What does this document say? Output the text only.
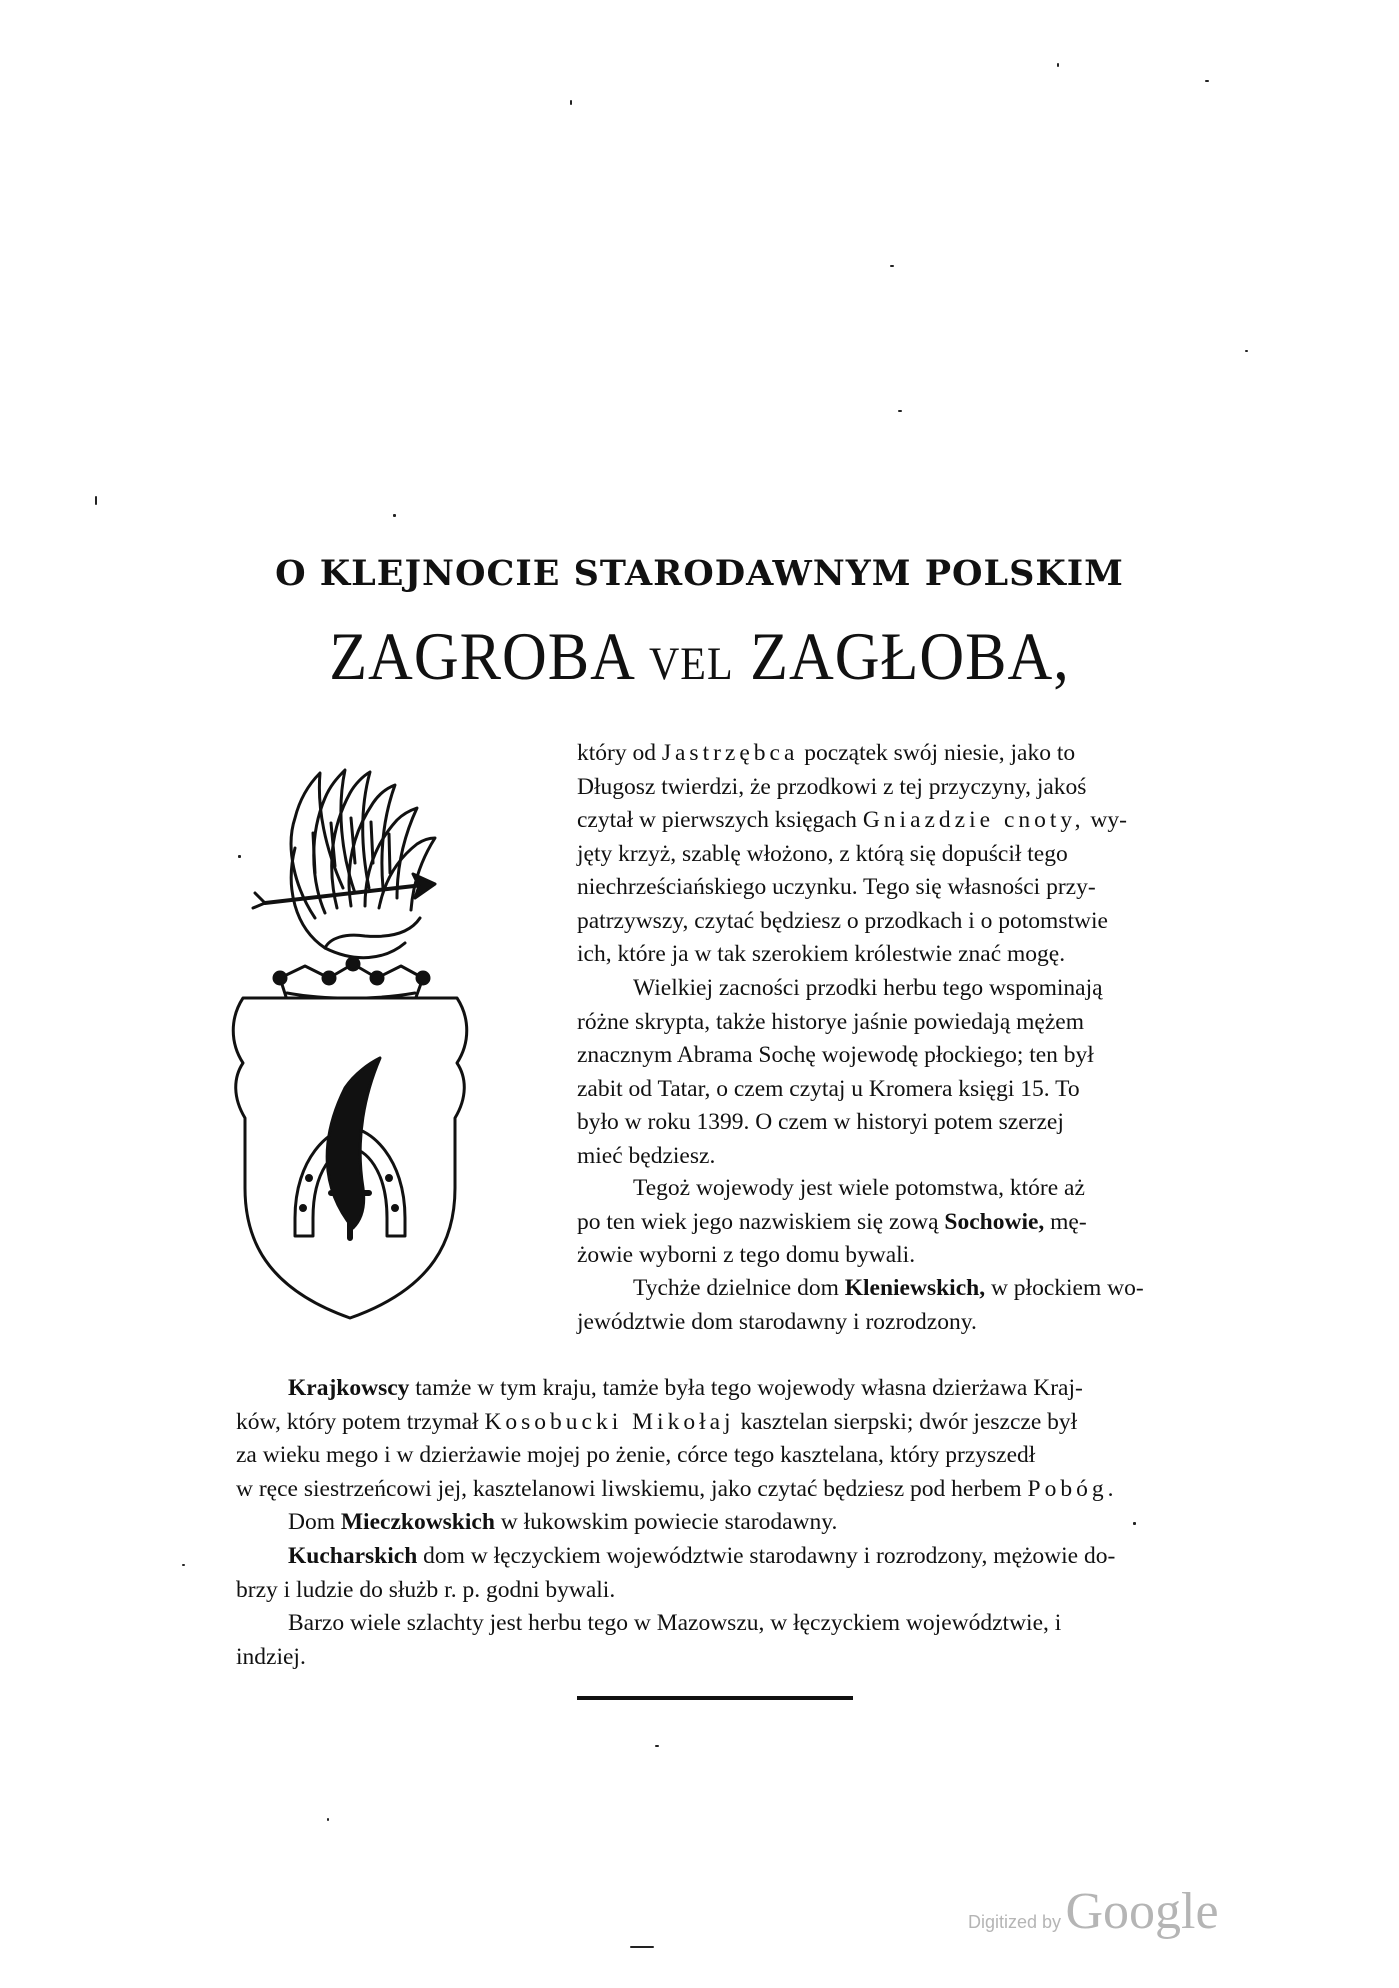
O KLEJNOCIE STARODAWNYM POLSKIM
ZAGROBA VEL ZAGŁOBA,
który od Jastrzębca początek swój niesie, jako to
Długosz twierdzi, że przodkowi z tej przyczyny, jakoś
czytał w pierwszych księgach Gniazdzie cnoty, wy-
jęty krzyż, szablę włożono, z którą się dopuścił tego
niechrześciańskiego uczynku. Tego się własności przy-
patrzywszy, czytać będziesz o przodkach i o potomstwie
ich, które ja w tak szerokiem królestwie znać mogę.
Wielkiej zacności przodki herbu tego wspominają
różne skrypta, także historye jaśnie powiedają mężem
znacznym Abrama Sochę wojewodę płockiego; ten był
zabit od Tatar, o czem czytaj u Kromera księgi 15. To
było w roku 1399. O czem w historyi potem szerzej
mieć będziesz.
Tegoż wojewody jest wiele potomstwa, które aż
po ten wiek jego nazwiskiem się zową Sochowie, mę-
żowie wyborni z tego domu bywali.
Tychże dzielnice dom Kleniewskich, w płockiem wo-
jewództwie dom starodawny i rozrodzony.
Krajkowscy tamże w tym kraju, tamże była tego wojewody własna dzierżawa Kraj-
ków, który potem trzymał Kosobucki Mikołaj kasztelan sierpski; dwór jeszcze był
za wieku mego i w dzierżawie mojej po żenie, córce tego kasztelana, który przyszedł
w ręce siestrzeńcowi jej, kasztelanowi liwskiemu, jako czytać będziesz pod herbem Pobóg.
Dom Mieczkowskich w łukowskim powiecie starodawny.
Kucharskich dom w łęczyckiem województwie starodawny i rozrodzony, mężowie do-
brzy i ludzie do służb r. p. godni bywali.
Barzo wiele szlachty jest herbu tego w Mazowszu, w łęczyckiem województwie, i
indziej.
Digitized by Google
